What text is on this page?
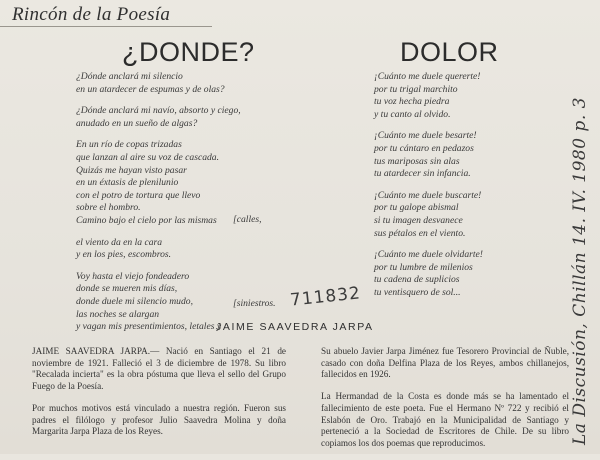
Rincón de la Poesía
¿DONDE?	DOLOR
¿Dónde anclará mi silencio
en un atardecer de espumas y de olas?
¿Dónde anclará mi navío, absorto y ciego,
anudado en un sueño de algas?
En un río de copas trizadas
que lanzan al aire su voz de cascada.
Quizás me hayan visto pasar
en un éxtasis de plenilunio
con el potro de tortura que llevo
sobre el hombro.
Camino bajo el cielo por las mismas
el viento da en la cara
y en los pies, escombros.
Voy hasta el viejo fondeadero
donde se mueren mis días,
donde duele mi silencio mudo,
las noches se alargan
y vagan mis presentimientos, letales y
[calles,
[siniestros.
¡Cuánto me duele quererte!
por tu trigal marchito
tu voz hecha piedra
y tu canto al olvido.
¡Cuánto me duele besarte!
por tu cántaro en pedazos
tus mariposas sin alas
tu atardecer sin infancia.
¡Cuánto me duele buscarte!
por tu galope abismal
si tu imagen desvanece
sus pétalos en el viento.
¡Cuánto me duele olvidarte!
por tu lumbre de milenios
tu cadena de suplicios
tu ventisquero de sol...
711832	La Discusión, Chillán 14. IV. 1980 p. 3
JAIME SAAVEDRA JARPA

JAIME SAAVEDRA JARPA.— Nació en Santiago el 21 de noviembre de 1921. Falleció el 3 de diciembre de 1978. Su libro "Recalada incierta" es la obra póstuma que lleva el sello del Grupo Fuego de la Poesía.

Por muchos motivos está vinculado a nuestra región. Fueron sus padres el filólogo y profesor Julio Saavedra Molina y doña Margarita Jarpa Plaza de los Reyes.

Su abuelo Javier Jarpa Jiménez fue Tesorero Provincial de Ñuble, casado con doña Delfina Plaza de los Reyes, ambos chillanejos, fallecidos en 1926.

La Hermandad de la Costa es donde más se ha lamentado el fallecimiento de este poeta. Fue el Hermano Nº 722 y recibió el Eslabón de Oro. Trabajó en la Municipalidad de Santiago y perteneció a la Sociedad de Escritores de Chile. De su libro copiamos los dos poemas que reproducimos.
